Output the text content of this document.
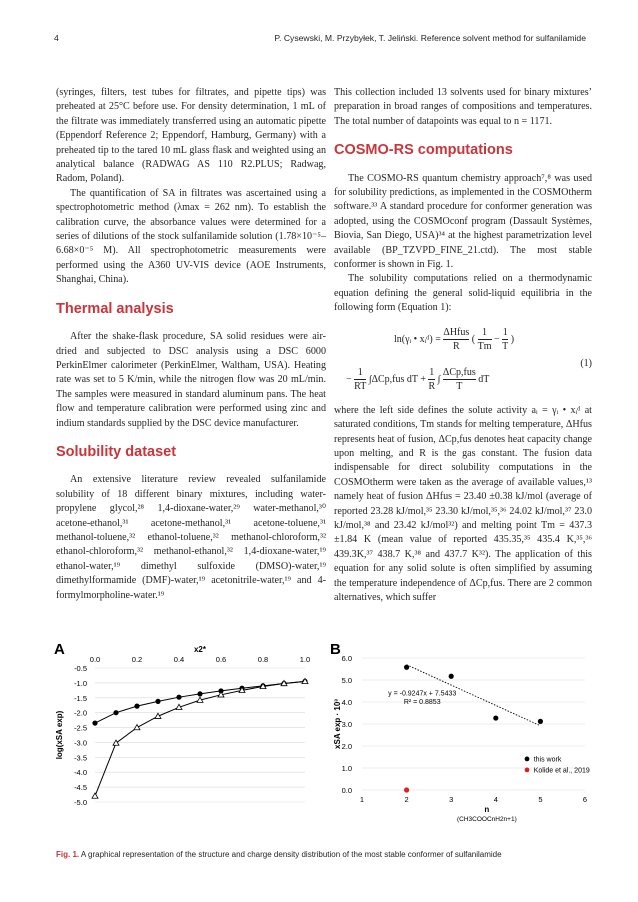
4	P. Cysewski, M. Przybyłek, T. Jeliński. Reference solvent method for sulfanilamide

(syringes, filters, test tubes for filtrates, and pipette tips) was preheated at 25°C before use. For density determination, 1 mL of the filtrate was immediately transferred using an automatic pipette (Eppendorf Reference 2; Eppendorf, Hamburg, Germany) with a preheated tip to the tared 10 mL glass flask and weighted using an analytical balance (RADWAG AS 110 R2.PLUS; Radwag, Radom, Poland).

The quantification of SA in filtrates was ascertained using a spectrophotometric method (λmax = 262 nm). To establish the calibration curve, the absorbance values were determined for a series of dilutions of the stock sulfanilamide solution (1.78×10⁻⁵–6.68×0⁻⁵ M). All spectrophotometric measurements were performed using the A360 UV-VIS device (AOE Instruments, Shanghai, China).

Thermal analysis

After the shake-flask procedure, SA solid residues were air-dried and subjected to DSC analysis using a DSC 6000 PerkinElmer calorimeter (PerkinElmer, Waltham, USA). Heating rate was set to 5 K/min, while the nitrogen flow was 20 mL/min. The samples were measured in standard aluminum pans. The heat flow and temperature calibration were performed using zinc and indium standards supplied by the DSC device manufacturer.

Solubility dataset

An extensive literature review revealed sulfanilamide solubility of 18 different binary mixtures, including water-propylene glycol,²⁸ 1,4-dioxane-water,²⁹ water-methanol,³⁰ acetone-ethanol,³¹ acetone-methanol,³¹ acetone-toluene,³¹ methanol-toluene,³² ethanol-toluene,³² methanol-chloroform,³² ethanol-chloroform,³² methanol-ethanol,³² 1,4-dioxane-water,¹⁹ ethanol-water,¹⁹ dimethyl sulfoxide (DMSO)-water,¹⁹ dimethylformamide (DMF)-water,¹⁹ acetonitrile-water,¹⁹ and 4-formylmorpholine-water.¹⁹

This collection included 13 solvents used for binary mixtures’ preparation in broad ranges of compositions and temperatures. The total number of datapoints was equal to n = 1171.

COSMO-RS computations

The COSMO-RS quantum chemistry approach⁷,⁸ was used for solubility predictions, as implemented in the COSMOtherm software.³³ A standard procedure for conformer generation was adopted, using the COSMOconf program (Dassault Systèmes, Biovia, San Diego, USA)³⁴ at the highest parametrization level available (BP_TZVPD_FINE_21.ctd). The most stable conformer is shown in Fig. 1.

The solubility computations relied on a thermodynamic equation defining the general solid-liquid equilibria in the following form (Equation 1):

ln(γᵢ • xᵢᵈ) = $\frac{\text{ΔHfus}}{R}$ ( $\frac{1}{Tm} - \frac{1}{T}$ )
− $\frac{1}{RT} \int\Delta Cp,fus$ dT + $\frac{1}{R}$ ∫ $\frac{\text{ΔCp,fus}}{T}$ dT
(1)

where the left side defines the solute activity aᵢ = γᵢ • xᵢᵈ at saturated conditions, Tm stands for melting temperature, ΔHfus represents heat of fusion, ΔCp,fus denotes heat capacity change upon melting, and R is the gas constant. The fusion data indispensable for direct solubility computations in the COSMOtherm were taken as the average of available values,¹³ namely heat of fusion ΔHfus = 23.40 ±0.38 kJ/mol (average of reported 23.28 kJ/mol,³⁵ 23.30 kJ/mol,³⁵,³⁶ 24.02 kJ/mol,³⁷ 23.0 kJ/mol,³⁸ and 23.42 kJ/mol³²) and melting point Tm = 437.3 ±1.84 K (mean value of reported 435.35,³⁵ 435.4 K,³⁵,³⁶ 439.3K,³⁷ 438.7 K,³⁸ and 437.7 K³²). The application of this equation for any solid solute is often simplified by assuming the temperature independence of ΔCp,fus. There are 2 common alternatives, which suffer

A	B
-0.5
-1.0
-1.5
-2.0
-2.5
-3.0
-3.5
-4.0
-4.5
-5.0
0.0	0.2	0.4	0.6	0.8	1.0
x2*
log(xSA exp)
0.0
1.0
2.0
3.0
4.0
5.0
6.0
1	2	3	4	5	6
n
(CH3COOCnH2n+1)
xSA exp · 10³
y = -0.9247x + 7.5433
R² = 0.8853
this work
Kolide et al., 2019
Fig. 1. A graphical representation of the structure and charge density distribution of the most stable conformer of sulfanilamide
